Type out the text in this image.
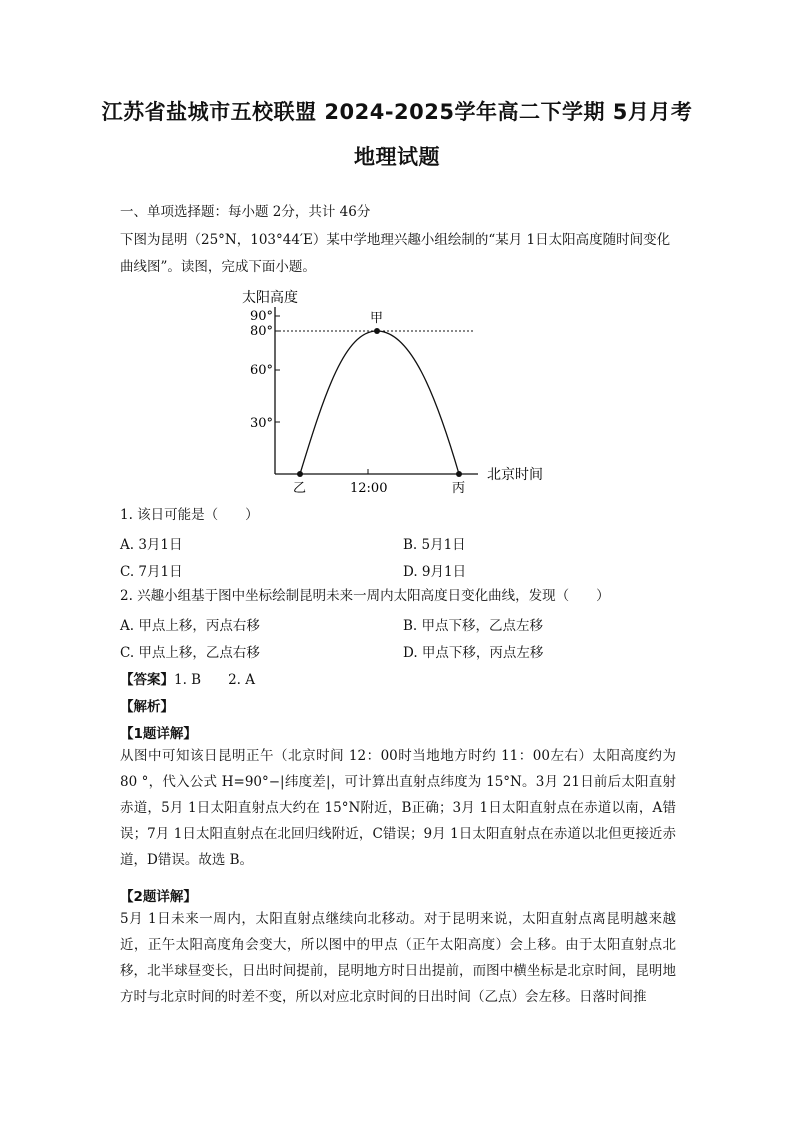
江苏省盐城市五校联盟 2024-2025学年高二下学期 5月月考
地理试题
一、单项选择题：每小题 2分，共计 46分
下图为昆明（25°N，103°44′E）某中学地理兴趣小组绘制的“某月 1日太阳高度随时间变化
曲线图”。读图，完成下面小题。
太阳高度
北京时间
90°
80°
60°
30°
12:00
甲
乙	丙
1. 该日可能是（　　）
A. 3月1日	B. 5月1日
C. 7月1日	D. 9月1日
2. 兴趣小组基于图中坐标绘制昆明未来一周内太阳高度日变化曲线，发现（　　）
A. 甲点上移，丙点右移	B. 甲点下移，乙点左移
C. 甲点上移，乙点右移	D. 甲点下移，丙点左移
【答案】1. B　　2. A
【解析】
【1题详解】
从图中可知该日昆明正午（北京时间 12：00时当地地方时约 11：00左右）太阳高度约为 80 °，代入公式 H=90°−|纬度差|，可计算出直射点纬度为 15°N。3月 21日前后太阳直射赤道，5月 1日太阳直射点大约在 15°N附近，B正确；3月 1日太阳直射点在赤道以南，A错误；7月 1日太阳直射点在北回归线附近，C错误；9月 1日太阳直射点在赤道以北但更接近赤道，D错误。故选 B。
【2题详解】
5月 1日未来一周内，太阳直射点继续向北移动。对于昆明来说，太阳直射点离昆明越来越近，正午太阳高度角会变大，所以图中的甲点（正午太阳高度）会上移。由于太阳直射点北移，北半球昼变长，日出时间提前，昆明地方时日出提前，而图中横坐标是北京时间，昆明地方时与北京时间的时差不变，所以对应北京时间的日出时间（乙点）会左移。日落时间推
